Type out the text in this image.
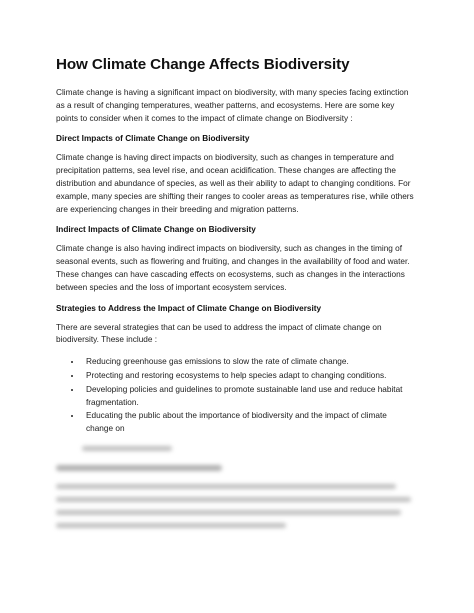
How Climate Change Affects Biodiversity

Climate change is having a significant impact on biodiversity, with many species facing extinction as a result of changing temperatures, weather patterns, and ecosystems. Here are some key points to consider when it comes to the impact of climate change on Biodiversity :

Direct Impacts of Climate Change on Biodiversity

Climate change is having direct impacts on biodiversity, such as changes in temperature and precipitation patterns, sea level rise, and ocean acidification. These changes are affecting the distribution and abundance of species, as well as their ability to adapt to changing conditions. For example, many species are shifting their ranges to cooler areas as temperatures rise, while others are experiencing changes in their breeding and migration patterns.

Indirect Impacts of Climate Change on Biodiversity

Climate change is also having indirect impacts on biodiversity, such as changes in the timing of seasonal events, such as flowering and fruiting, and changes in the availability of food and water. These changes can have cascading effects on ecosystems, such as changes in the interactions between species and the loss of important ecosystem services.

Strategies to Address the Impact of Climate Change on Biodiversity

There are several strategies that can be used to address the impact of climate change on biodiversity. These include :

• Reducing greenhouse gas emissions to slow the rate of climate change.
• Protecting and restoring ecosystems to help species adapt to changing conditions.
• Developing policies and guidelines to promote sustainable land use and reduce habitat fragmentation.
• Educating the public about the importance of biodiversity and the impact of climate change on
